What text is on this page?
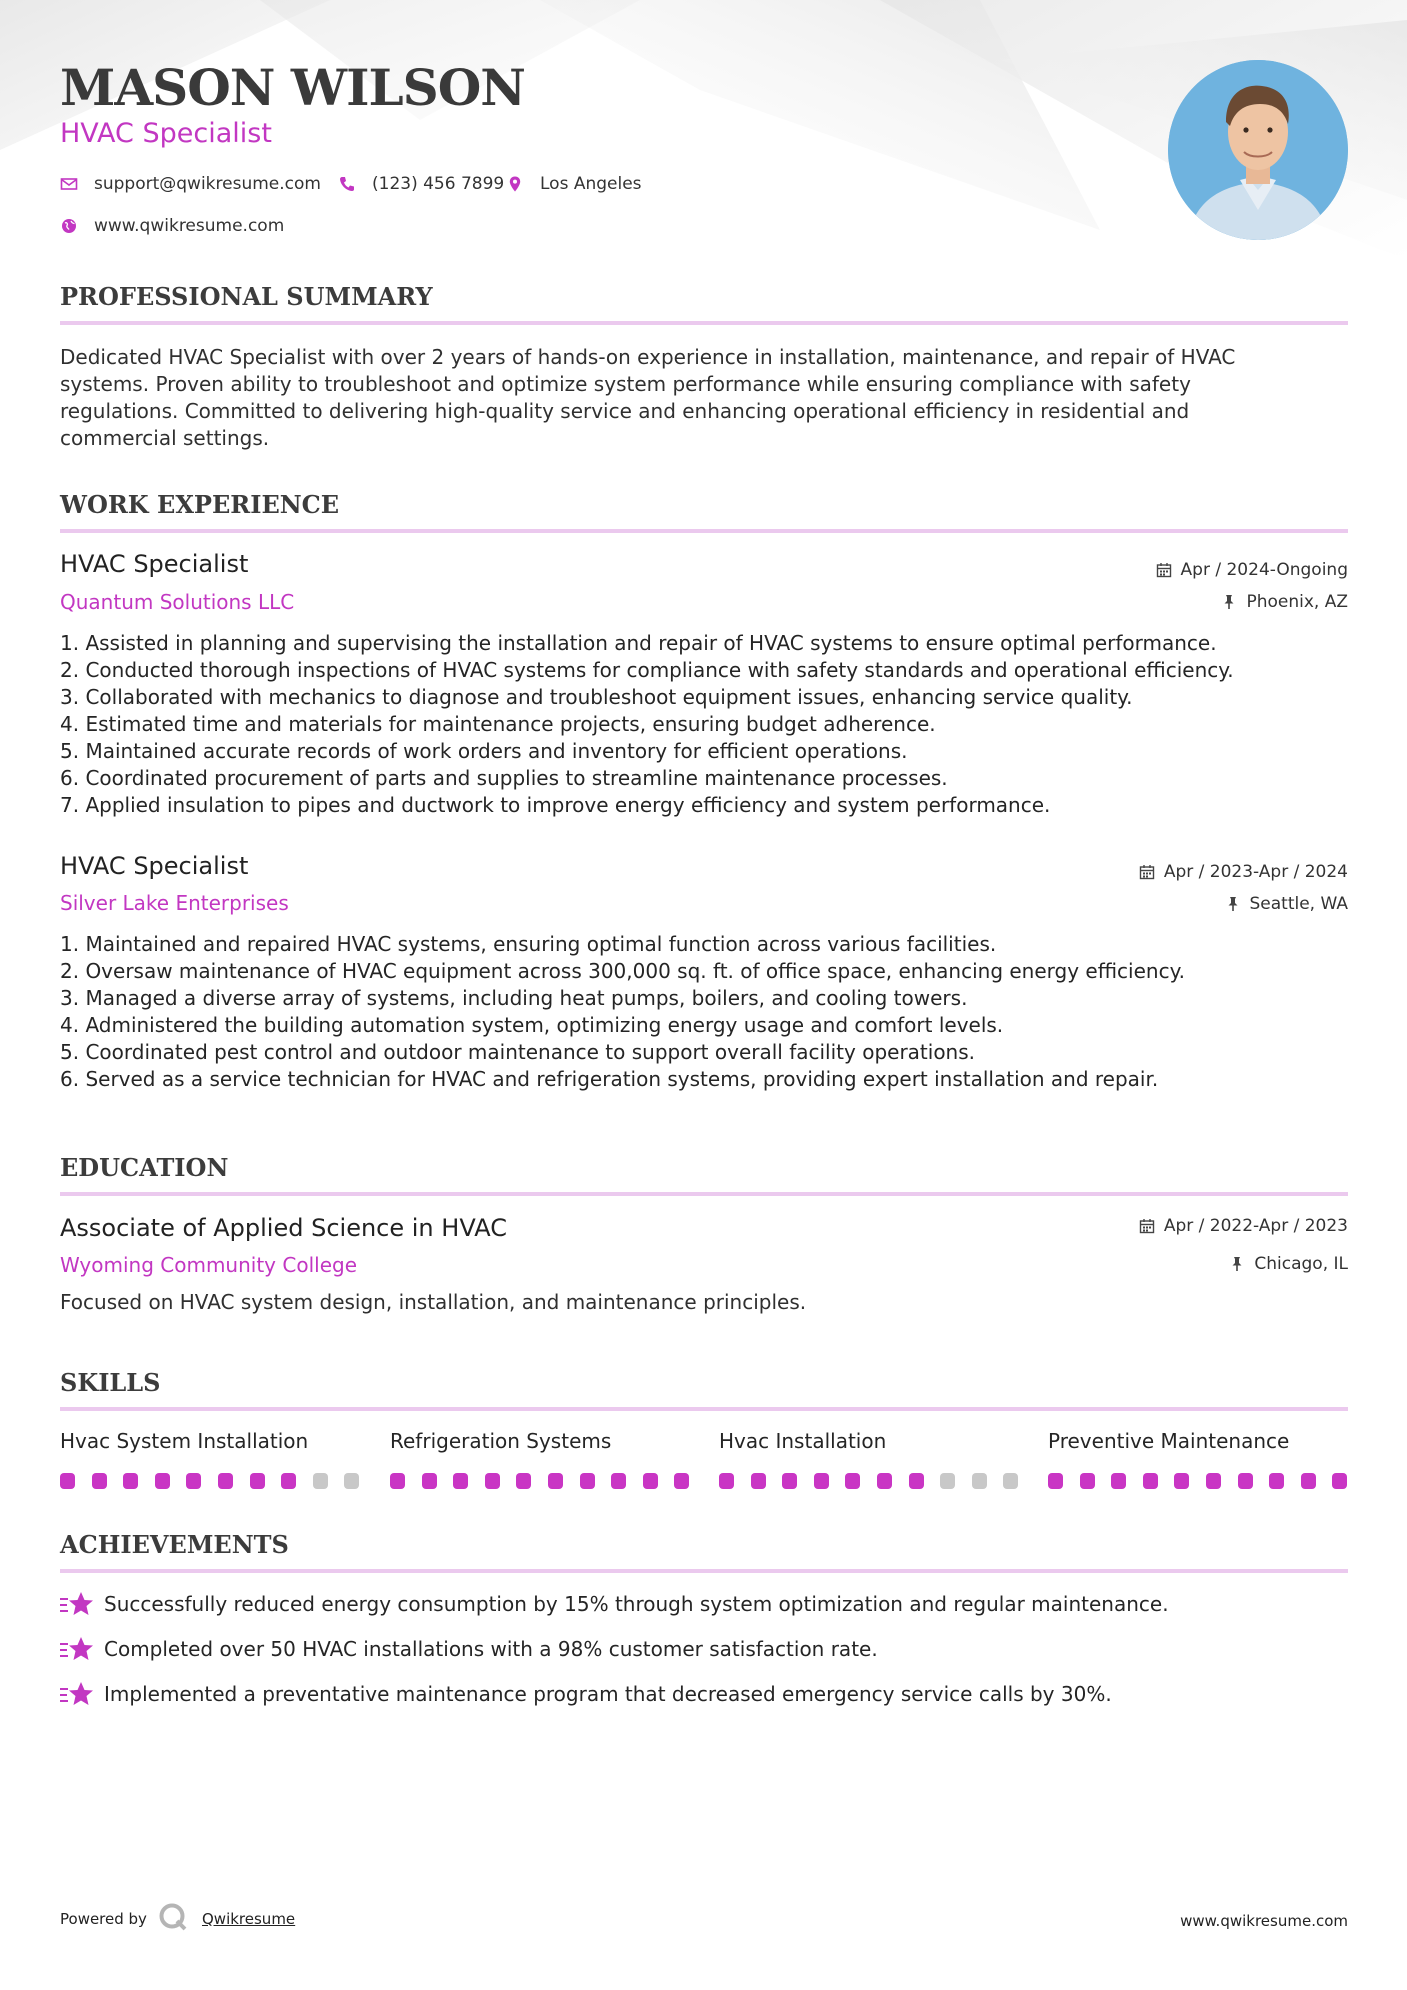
MASON WILSON
HVAC Specialist
support@qwikresume.com	(123) 456 7899 Los Angeles
www.qwikresume.com
PROFESSIONAL SUMMARY
Dedicated HVAC Specialist with over 2 years of hands-on experience in installation, maintenance, and repair of HVAC
systems. Proven ability to troubleshoot and optimize system performance while ensuring compliance with safety
regulations. Committed to delivering high-quality service and enhancing operational efficiency in residential and
commercial settings.
WORK EXPERIENCE
HVAC Specialist
Quantum Solutions LLC
Apr / 2024-Ongoing
Phoenix, AZ
1. Assisted in planning and supervising the installation and repair of HVAC systems to ensure optimal performance.
2. Conducted thorough inspections of HVAC systems for compliance with safety standards and operational efficiency.
3. Collaborated with mechanics to diagnose and troubleshoot equipment issues, enhancing service quality.
4. Estimated time and materials for maintenance projects, ensuring budget adherence.
5. Maintained accurate records of work orders and inventory for efficient operations.
6. Coordinated procurement of parts and supplies to streamline maintenance processes.
7. Applied insulation to pipes and ductwork to improve energy efficiency and system performance.
HVAC Specialist
Silver Lake Enterprises
Apr / 2023-Apr / 2024
Seattle, WA
1. Maintained and repaired HVAC systems, ensuring optimal function across various facilities.
2. Oversaw maintenance of HVAC equipment across 300,000 sq. ft. of office space, enhancing energy efficiency.
3. Managed a diverse array of systems, including heat pumps, boilers, and cooling towers.
4. Administered the building automation system, optimizing energy usage and comfort levels.
5. Coordinated pest control and outdoor maintenance to support overall facility operations.
6. Served as a service technician for HVAC and refrigeration systems, providing expert installation and repair.
EDUCATION
Associate of Applied Science in HVAC
Wyoming Community College
Apr / 2022-Apr / 2023
Chicago, IL
Focused on HVAC system design, installation, and maintenance principles.
SKILLS
Hvac System Installation	Refrigeration Systems	Hvac Installation	Preventive Maintenance
ACHIEVEMENTS
Successfully reduced energy consumption by 15% through system optimization and regular maintenance.
Completed over 50 HVAC installations with a 98% customer satisfaction rate.
Implemented a preventative maintenance program that decreased emergency service calls by 30%.
Powered by	Qwikresume	www.qwikresume.com
